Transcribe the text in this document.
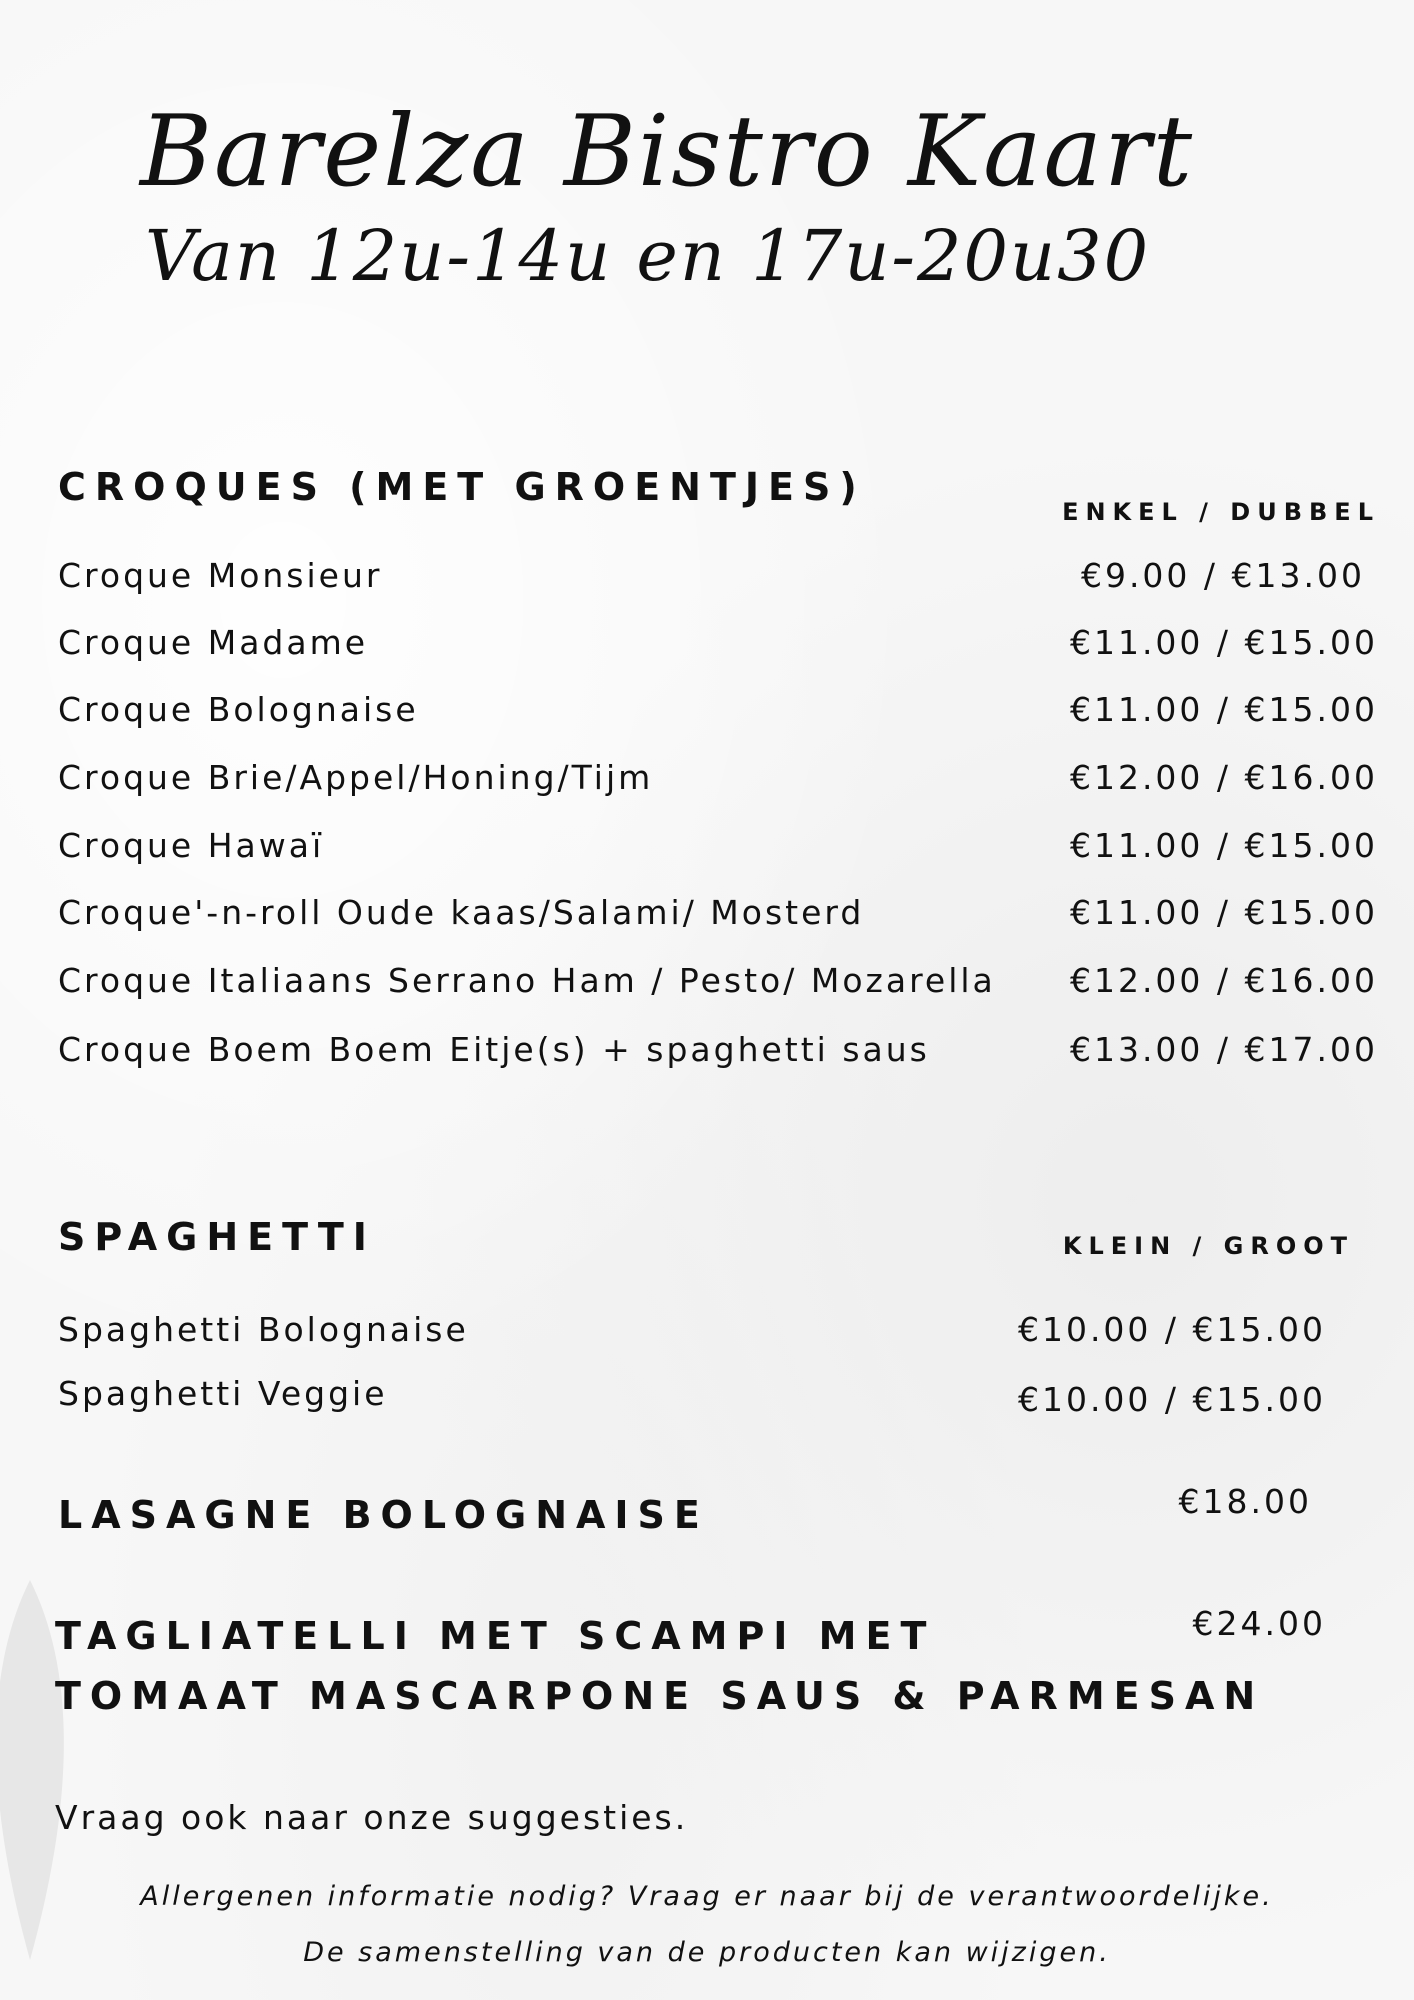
Barelza Bistro Kaart
Van 12u-14u en 17u-20u30
CROQUES (MET GROENTJES)
ENKEL / DUBBEL
Croque Monsieur	€9.00 / €13.00
Croque Madame	€11.00 / €15.00
Croque Bolognaise	€11.00 / €15.00
Croque Brie/Appel/Honing/Tijm	€12.00 / €16.00
Croque Hawaï	€11.00 / €15.00
Croque'-n-roll Oude kaas/Salami/ Mosterd	€11.00 / €15.00
Croque Italiaans Serrano Ham / Pesto/ Mozarella €12.00 / €16.00
Croque Boem Boem Eitje(s) + spaghetti saus	€13.00 / €17.00
SPAGHETTI	KLEIN / GROOT
Spaghetti Bolognaise	€10.00 / €15.00
Spaghetti Veggie	€10.00 / €15.00
LASAGNE BOLOGNAISE	€18.00
TAGLIATELLI MET SCAMPI MET
TOMAAT MASCARPONE SAUS & PARMESAN
€24.00
Vraag ook naar onze suggesties.
Allergenen informatie nodig? Vraag er naar bij de verantwoordelijke.
De samenstelling van de producten kan wijzigen.
